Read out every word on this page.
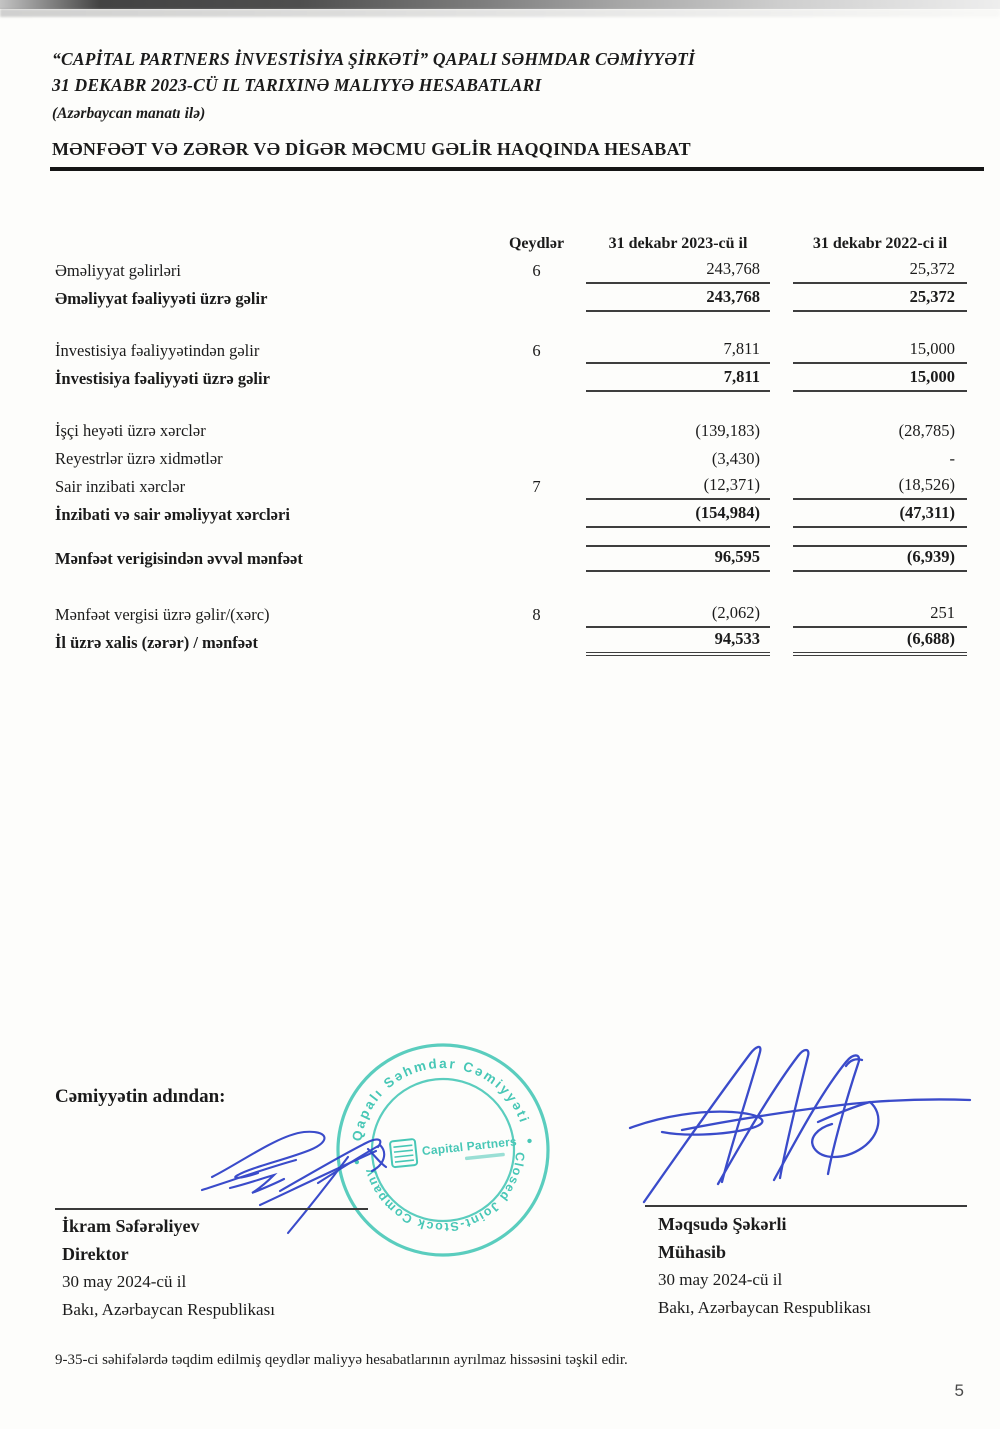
“CAPİTAL PARTNERS İNVESTİSİYA ŞİRKƏTİ” QAPALI SƏHMDAR CƏMİYYƏTİ
31 DEKABR 2023-CÜ IL TARIXINƏ MALIYYƏ HESABATLARI
(Azərbaycan manatı ilə)
MƏNFƏƏT VƏ ZƏRƏR VƏ DİGƏR MƏCMU GƏLİR HAQQINDA HESABAT
Qeydlər	31 dekabr 2023-cü il	31 dekabr 2022-ci il
Əməliyyat gəlirləri	6	243,768	25,372
Əməliyyat fəaliyyəti üzrə gəlir	243,768	25,372
İnvestisiya fəaliyyətindən gəlir	6	7,811	15,000
İnvestisiya fəaliyyəti üzrə gəlir	7,811	15,000
İşçi heyəti üzrə xərclər	(139,183)	(28,785)
Reyestrlər üzrə xidmətlər	(3,430)	-
Sair inzibati xərclər	7	(12,371)	(18,526)
İnzibati və sair əməliyyat xərcləri	(154,984)	(47,311)
Mənfəət verigisindən əvvəl mənfəət	96,595	(6,939)
Mənfəət vergisi üzrə gəlir/(xərc)	8	(2,062)	251
İl üzrə xalis (zərər) / mənfəət	94,533	(6,688)
Cəmiyyətin adından:
Qapalı Səhmdar Cəmiyyəti
Closed Joint-Stock Company
Capital Partners
İkram Səfərəliyev
Direktor
30 may 2024-cü il
Bakı, Azərbaycan Respublikası
Məqsudə Şəkərli
Mühasib
30 may 2024-cü il
Bakı, Azərbaycan Respublikası
9-35-ci səhifələrdə təqdim edilmiş qeydlər maliyyə hesabatlarının ayrılmaz hissəsini təşkil edir.
5
